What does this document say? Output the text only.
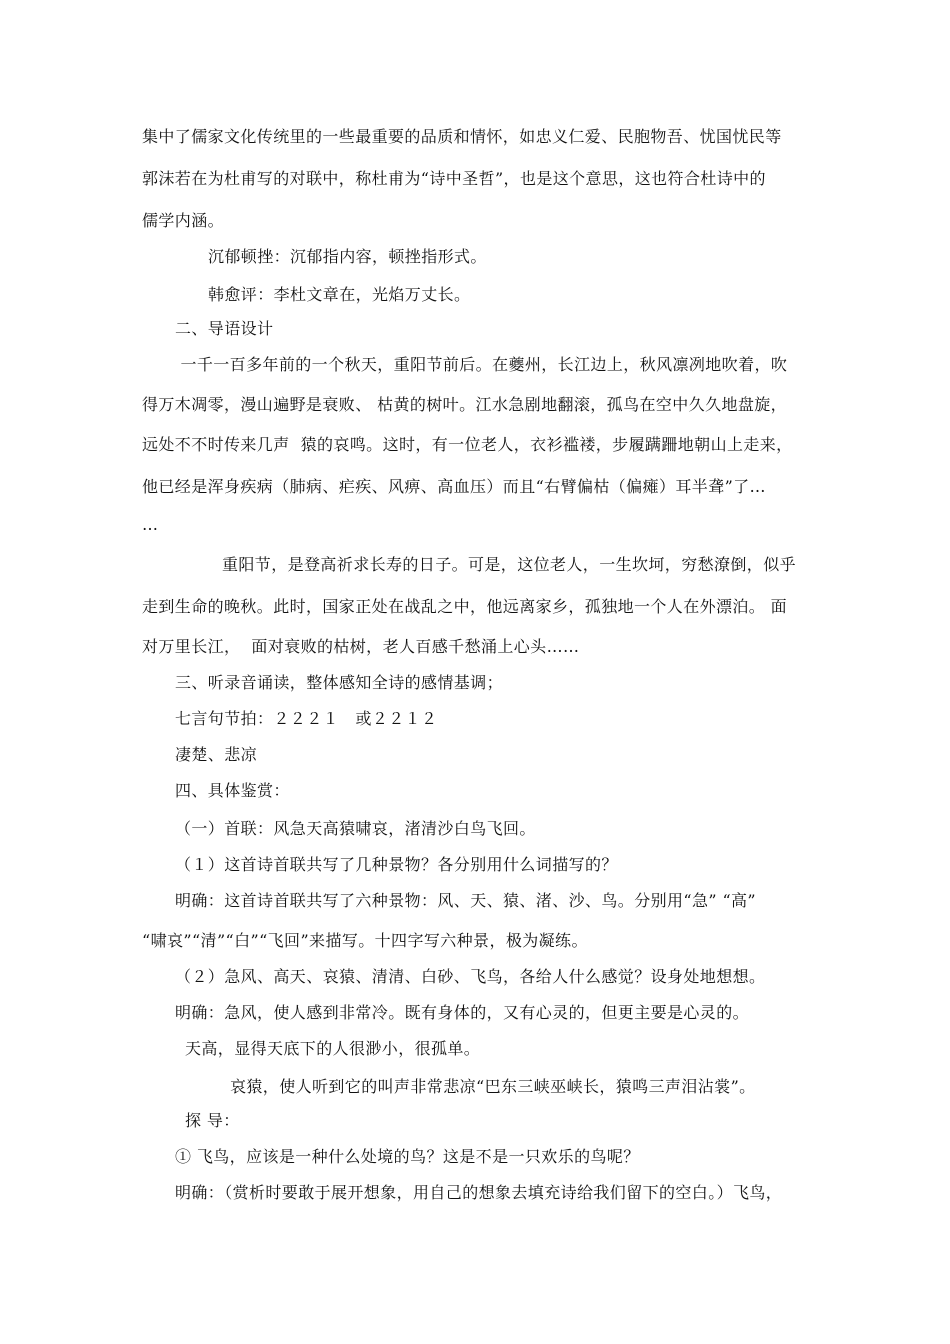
集中了儒家文化传统里的一些最重要的品质和情怀，如忠义仁爱、民胞物吾、忧国忧民等
郭沫若在为杜甫写的对联中，称杜甫为“诗中圣哲”，也是这个意思，这也符合杜诗中的
儒学内涵。
沉郁顿挫：沉郁指内容，顿挫指形式。
韩愈评：李杜文章在，光焰万丈长。
二、导语设计
一千一百多年前的一个秋天，重阳节前后。在夔州，长江边上，秋风凛冽地吹着，吹
得万木凋零，漫山遍野是衰败、 枯黄的树叶。江水急剧地翻滚，孤鸟在空中久久地盘旋，
远处不不时传来几声  猿的哀鸣。这时，有一位老人，衣衫褴褛，步履蹒跚地朝山上走来，
他已经是浑身疾病（肺病、疟疾、风痹、高血压）而且“右臂偏枯（偏瘫）耳半聋”了…
…
重阳节，是登高祈求长寿的日子。可是，这位老人，一生坎坷，穷愁潦倒，似乎
走到生命的晚秋。此时，国家正处在战乱之中，他远离家乡，孤独地一个人在外漂泊。 面
对万里长江，  面对衰败的枯树，老人百感千愁涌上心头……
三、听录音诵读，整体感知全诗的感情基调；
七言句节拍：２２２１   或２２１２
凄楚、悲凉
四、具体鉴赏：
（一）首联：风急天高猿啸哀，渚清沙白鸟飞回。
（１）这首诗首联共写了几种景物？各分别用什么词描写的？
明确：这首诗首联共写了六种景物：风、天、猿、渚、沙、鸟。分别用“急” “高”
“啸哀”“清”“白”“飞回”来描写。十四字写六种景，极为凝练。
（２）急风、高天、哀猿、清清、白砂、飞鸟，各给人什么感觉？设身处地想想。
明确：急风，使人感到非常冷。既有身体的，又有心灵的，但更主要是心灵的。
天高，显得天底下的人很渺小，很孤单。
哀猿，使人听到它的叫声非常悲凉“巴东三峡巫峡长，猿鸣三声泪沾裳”。
探 导：
① 飞鸟，应该是一种什么处境的鸟？这是不是一只欢乐的鸟呢？
明确：（赏析时要敢于展开想象，用自己的想象去填充诗给我们留下的空白。）飞鸟，
